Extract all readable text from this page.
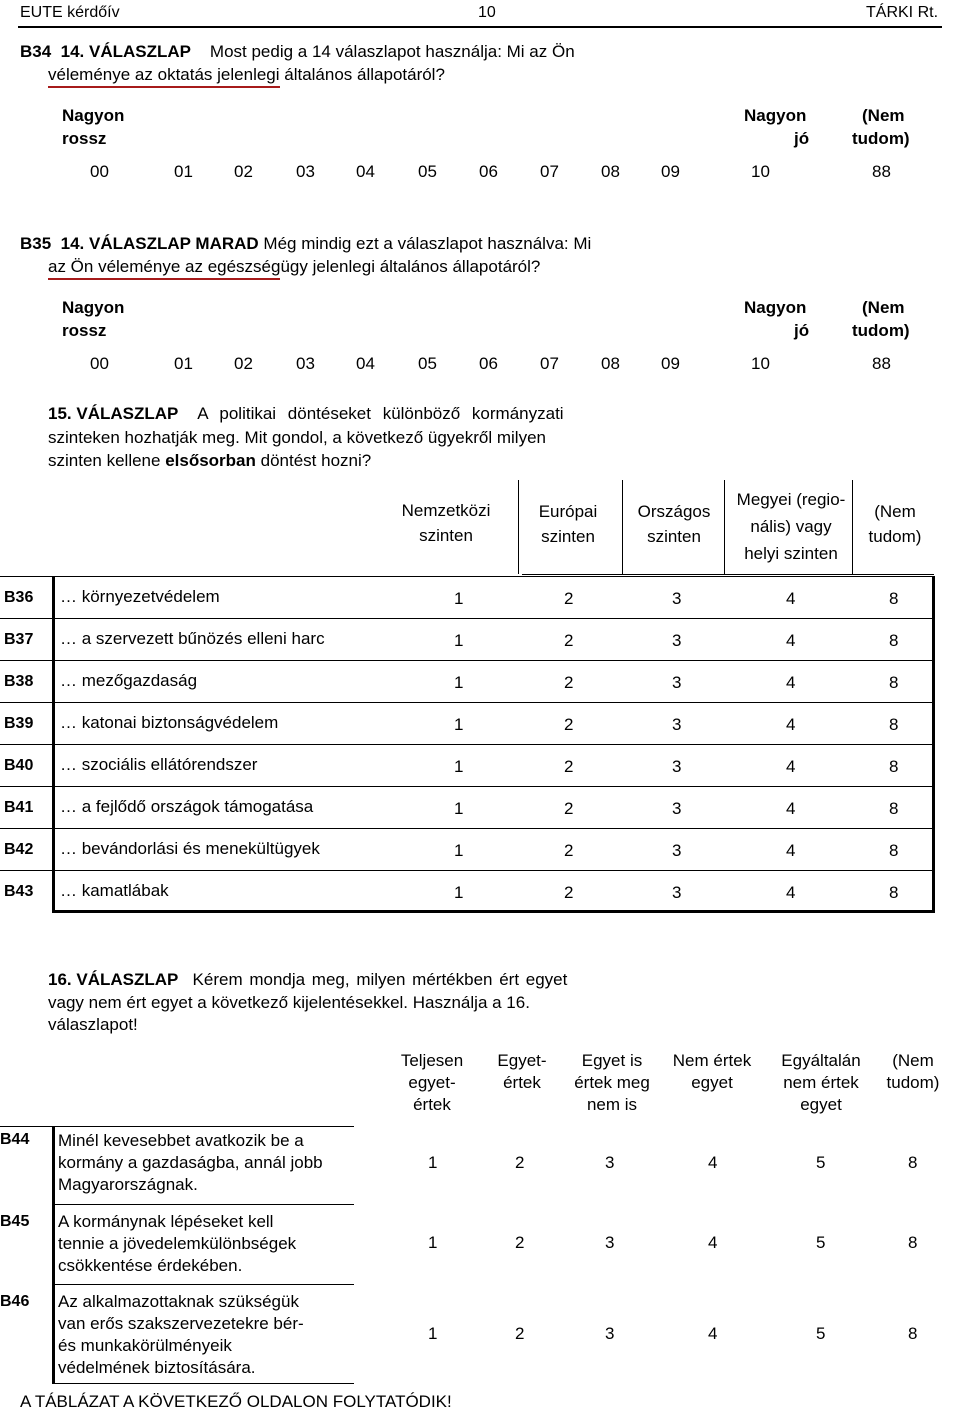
EUTE kérdőív	10	TÁRKI Rt.
B34 14. VÁLASZLAP Most pedig a 14 válaszlapot használja: Mi az Ön
véleménye az oktatás jelenlegi általános állapotáról?
Nagyon
rossz
Nagyon
jó
(Nem
tudom)
00	01 02	03 04	05 06 07 08 09	10	88
B35 14. VÁLASZLAP MARAD Még mindig ezt a válaszlapot használva: Mi
az Ön véleménye az egészségügy jelenlegi általános állapotáról?
Nagyon
rossz
Nagyon
jó
(Nem
tudom)
00	01 02	03 04	05 06 07 08 09	10	88
15. VÁLASZLAP A politikai döntéseket különböző kormányzati
szinteken hozhatják meg. Mit gondol, a következő ügyekről milyen
szinten kellene elsősorban döntést hozni?
Nemzetközi
szinten
Európai
szinten
Országos
szinten
Megyei (regio-
nális) vagy
helyi szinten
(Nem
tudom)
B36 … környezetvédelem	1	2	3	4	8
B37 … a szervezett bűnözés elleni harc	1	2	3	4	8
B38 … mezőgazdaság	1	2	3	4	8
B39 … katonai biztonságvédelem	1	2	3	4	8
B40 … szociális ellátórendszer	1	2	3	4	8
B41 … a fejlődő országok támogatása	1	2	3	4	8
B42 … bevándorlási és menekültügyek	1	2	3	4	8
B43 … kamatlábak	1	2	3	4	8
16. VÁLASZLAP Kérem mondja meg, milyen mértékben ért egyet
vagy nem ért egyet a következő kijelentésekkel. Használja a 16.
válaszlapot!
Teljesen
egyet-
értek
Egyet-
értek
Egyet is
értek meg
nem is
Nem értek
egyet
Egyáltalán
nem értek
egyet
(Nem
tudom)
B44 Minél kevesebbet avatkozik be a
kormány a gazdaságba, annál jobb
Magyarországnak.
1	2	3	4	5	8
B45 A kormánynak lépéseket kell
tennie a jövedelemkülönbségek
csökkentése érdekében.
1	2	3	4	5	8
B46 Az alkalmazottaknak szükségük
van erős szakszervezetekre bér-
és munkakörülményeik
védelmének biztosítására.
1	2	3	4	5	8
A TÁBLÁZAT A KÖVETKEZŐ OLDALON FOLYTATÓDIK!
